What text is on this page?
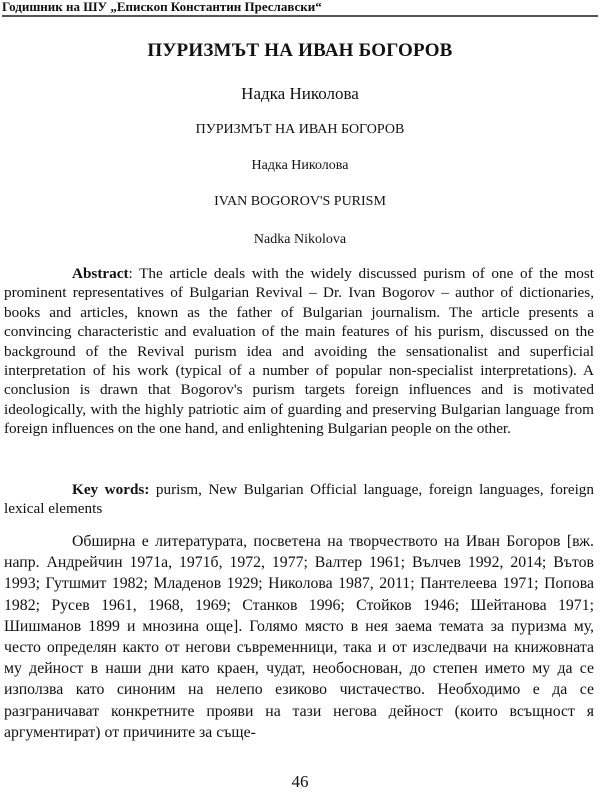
Годишник на ШУ „Епископ Константин Преславски“
ПУРИЗМЪТ НА ИВАН БОГОРОВ
Надка Николова
ПУРИЗМЪТ НА ИВАН БОГОРОВ
Надка Николова
IVAN BOGOROV'S PURISM
Nadka Nikolova
Abstract: The article deals with the widely discussed purism of one of the most prominent representatives of Bulgarian Revival – Dr. Ivan Bogorov – author of dictionaries, books and articles, known as the father of Bulgarian journalism. The article presents a convincing characteristic and evaluation of the main features of his purism, discussed on the background of the Revival purism idea and avoiding the sensationalist and superficial interpretation of his work (typical of a number of popular non-specialist interpretations). A conclusion is drawn that Bogorov's purism targets foreign influences and is motivated ideologically, with the highly patriotic aim of guarding and preserving Bulgarian language from foreign influences on the one hand, and enlightening Bulgarian people on the other.
Key words: purism, New Bulgarian Official language, foreign languages, foreign lexical elements
Обширна е литературата, посветена на творчеството на Иван Богоров [вж. напр. Андрейчин 1971а, 1971б, 1972, 1977; Валтер 1961; Вълчев 1992, 2014; Вътов 1993; Гутшмит 1982; Младенов 1929; Николова 1987, 2011; Пантелеева 1971; Попова 1982; Русев 1961, 1968, 1969; Станков 1996; Стойков 1946; Шейтанова 1971; Шишманов 1899 и мнозина още]. Голямо място в нея заема темата за пуризма му, често определян както от негови съвременници, така и от изследвачи на книжовната му дейност в наши дни като краен, чудат, необоснован, до степен името му да се използва като синоним на нелепо езиково чистачество. Необходимо е да се разграничават конкретните прояви на тази негова дейност (които всъщност я аргументират) от причините за съще-
46
